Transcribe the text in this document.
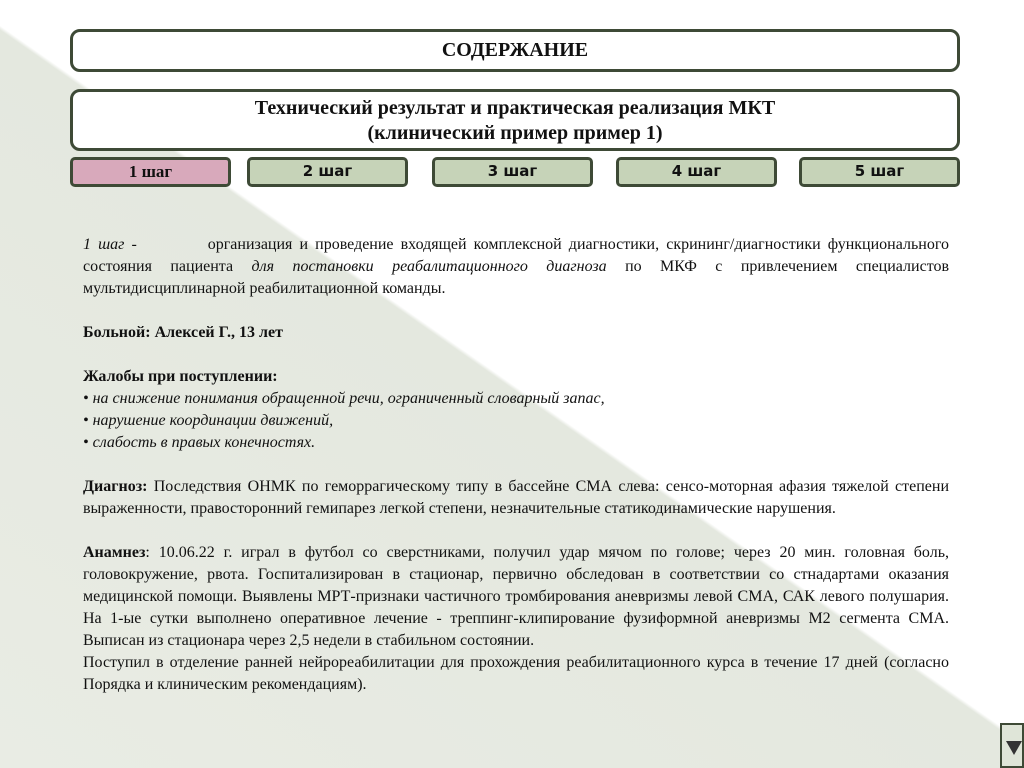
СОДЕРЖАНИЕ
Технический результат и практическая реализация МКТ
(клинический пример пример 1)
1 шаг	2 шаг	3 шаг	4 шаг	5 шаг

1 шаг -	организация и проведение входящей комплексной диагностики, скрининг/диагностики функционального состояния пациента для постановки реабалитационного диагноза по МКФ с привлечением специалистов мультидисциплинарной реабилитационной команды.

Больной: Алексей Г., 13 лет

Жалобы при поступлении:

• на снижение понимания обращенной речи, ограниченный словарный запас,

• нарушение координации движений,

• слабость в правых конечностях.

Диагноз: Последствия ОНМК по геморрагическому типу в бассейне СМА слева: сенсо-моторная афазия тяжелой степени выраженности, правосторонний гемипарез легкой степени, незначительные статикодинамические нарушения.

Анамнез: 10.06.22 г. играл в футбол со сверстниками, получил удар мячом по голове; через 20 мин. головная боль, головокружение, рвота. Госпитализирован в стационар, первично обследован в соответствии со стнадартами оказания медицинской помощи. Выявлены МРТ-признаки частичного тромбирования аневризмы левой СМА, САК левого полушария. На 1-ые сутки выполнено оперативное лечение - треппинг-клипирование фузиформной аневризмы М2 сегмента СМА. Выписан из стационара через 2,5 недели в стабильном состоянии.

Поступил в отделение ранней нейрореабилитации для прохождения реабилитационного курса в течение 17 дней (согласно Порядка и клиническим рекомендациям).
